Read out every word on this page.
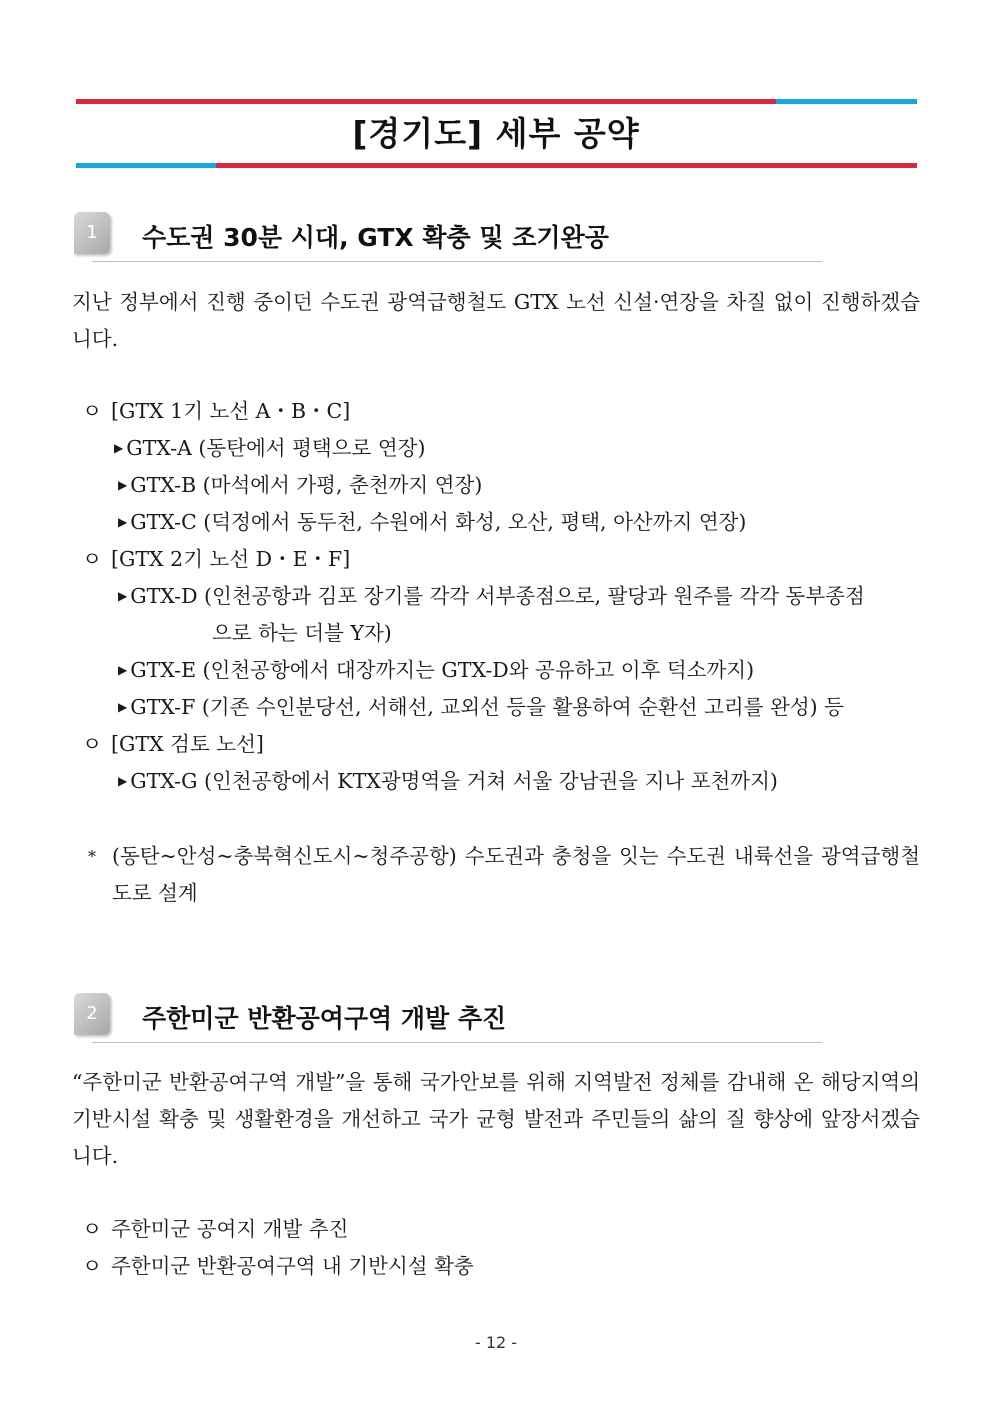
[경기도] 세부 공약
1	수도권 30분 시대, GTX 확충 및 조기완공

지난 정부에서 진행 중이던 수도권 광역급행철도 GTX 노선 신설·연장을 차질 없이 진행하겠습니다.

ㅇ [GTX 1기 노선 A・B・C]
▶ GTX-A (동탄에서 평택으로 연장)
▶ GTX-B (마석에서 가평, 춘천까지 연장)
▶ GTX-C (덕정에서 동두천, 수원에서 화성, 오산, 평택, 아산까지 연장)
ㅇ [GTX 2기 노선 D・E・F]
▶ GTX-D (인천공항과 김포 장기를 각각 서부종점으로, 팔당과 원주를 각각 동부종점
으로 하는 더블 Y자)
▶ GTX-E (인천공항에서 대장까지는 GTX-D와 공유하고 이후 덕소까지)
▶ GTX-F (기존 수인분당선, 서해선, 교외선 등을 활용하여 순환선 고리를 완성) 등
ㅇ [GTX 검토 노선]
▶ GTX-G (인천공항에서 KTX광명역을 거쳐 서울 강남권을 지나 포천까지)
* (동탄~안성~충북혁신도시~청주공항) 수도권과 충청을 잇는 수도권 내륙선을 광역급행철도로 설계

2	주한미군 반환공여구역 개발 추진

“주한미군 반환공여구역 개발”을 통해 국가안보를 위해 지역발전 정체를 감내해 온 해당지역의 기반시설 확충 및 생활환경을 개선하고 국가 균형 발전과 주민들의 삶의 질 향상에 앞장서겠습니다.

ㅇ 주한미군 공여지 개발 추진
ㅇ 주한미군 반환공여구역 내 기반시설 확충
- 12 -
